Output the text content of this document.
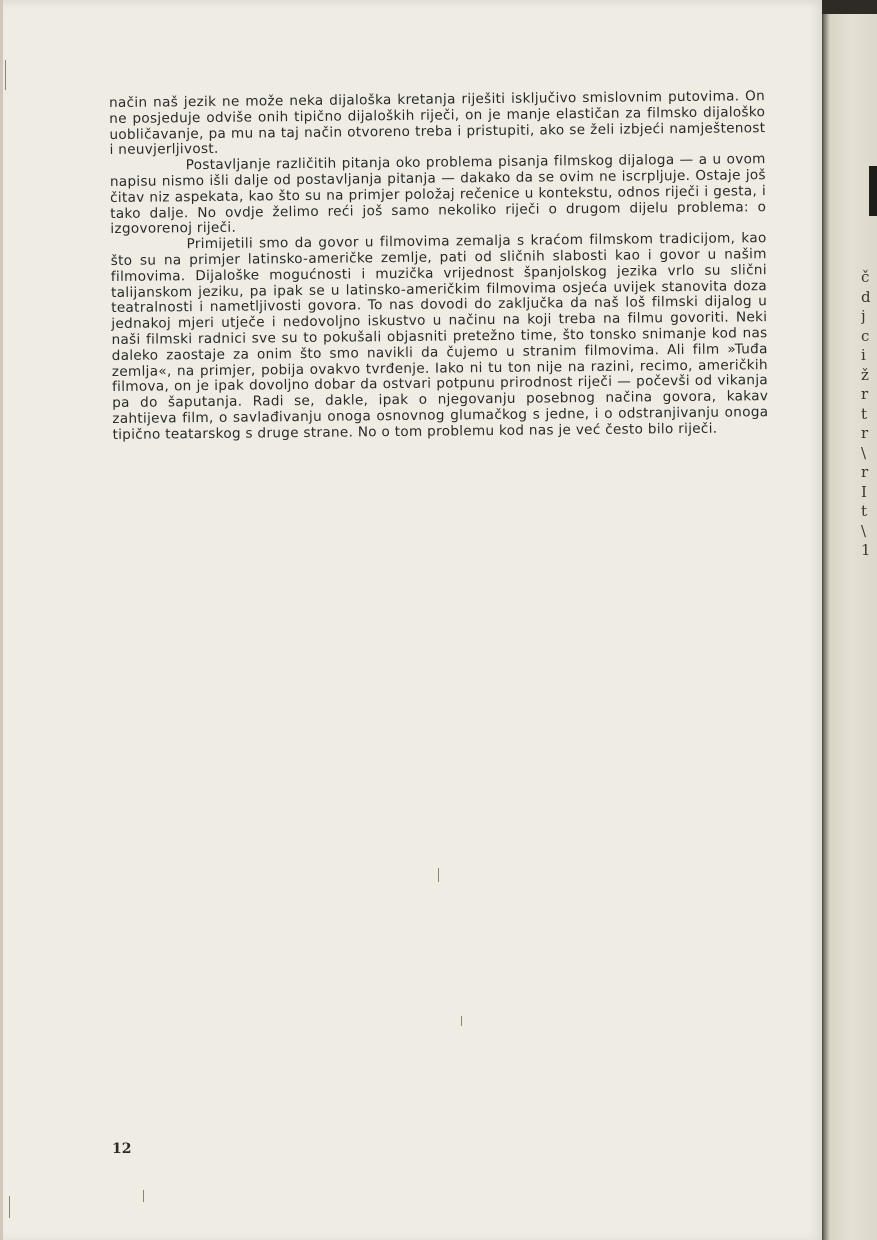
način naš jezik ne može neka dijaloška kretanja riješiti isključivo smislovnim putovima. On ne posjeduje odviše onih tipično dijaloških riječi, on je manje elastičan za filmsko dijaloško uobličavanje, pa mu na taj način otvoreno treba i pristupiti, ako se želi izbjeći namještenost i neuvjerljivost.

Postavljanje različitih pitanja oko problema pisanja filmskog dijaloga — a u ovom napisu nismo išli dalje od postavljanja pitanja — dakako da se ovim ne iscrpljuje. Ostaje još čitav niz aspekata, kao što su na primjer položaj rečenice u kontekstu, odnos riječi i gesta, i tako dalje. No ovdje želimo reći još samo nekoliko riječi o drugom dijelu problema: o izgovorenoj riječi.

Primijetili smo da govor u filmovima zemalja s kraćom filmskom tradicijom, kao što su na primjer latinsko-američke zemlje, pati od sličnih slabosti kao i govor u našim filmovima. Dijaloške mogućnosti i muzička vrijednost španjolskog jezika vrlo su slični talijanskom jeziku, pa ipak se u latinsko-američkim filmovima osjeća uvijek stanovita doza teatralnosti i nametljivosti govora. To nas dovodi do zaključka da naš loš filmski dijalog u jednakoj mjeri utječe i nedovoljno iskustvo u načinu na koji treba na filmu govoriti. Neki naši filmski radnici sve su to pokušali objasniti pretežno time, što tonsko snimanje kod nas daleko zaostaje za onim što smo navikli da čujemo u stranim filmovima. Ali film »Tuđa zemlja«, na primjer, pobija ovakvo tvrđenje. Iako ni tu ton nije na razini, recimo, američkih filmova, on je ipak dovoljno dobar da ostvari potpunu prirodnost riječi — počevši od vikanja pa do šaputanja. Radi se, dakle, ipak o njegovanju posebnog načina govora, kakav zahtijeva film, o savlađivanju onoga osnovnog glumačkog s jedne, i o odstranjivanju onoga tipično teatarskog s druge strane. No o tom problemu kod nas je već često bilo riječi.

12
č
d
j
c
i
ž
r
t
r
\
r
I
t
\
1
